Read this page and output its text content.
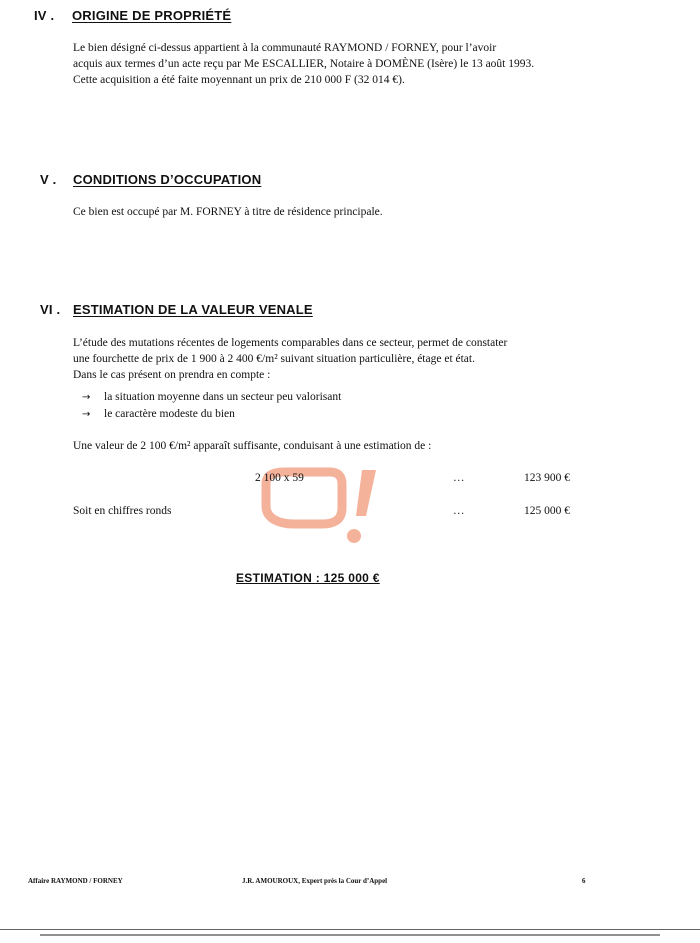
IV . ORIGINE DE PROPRIÉTÉ

Le bien désigné ci-dessus appartient à la communauté RAYMOND / FORNEY, pour l’avoir

acquis aux termes d’un acte reçu par Me ESCALLIER, Notaire à DOMÈNE (Isère) le 13 août 1993.

Cette acquisition a été faite moyennant un prix de 210 000 F (32 014 €).

V . CONDITIONS D’OCCUPATION

Ce bien est occupé par M. FORNEY à titre de résidence principale.

VI . ESTIMATION DE LA VALEUR VENALE

L’étude des mutations récentes de logements comparables dans ce secteur, permet de constater

une fourchette de prix de 1 900 à 2 400 €/m² suivant situation particulière, étage et état.

Dans le cas présent on prendra en compte :

→ la situation moyenne dans un secteur peu valorisant
→ le caractère modeste du bien
Une valeur de 2 100 €/m² apparaît suffisante, conduisant à une estimation de :
2 100 x 59	…	123 900 €
Soit en chiffres ronds	…	125 000 €
ESTIMATION : 125 000 €
Affaire RAYMOND / FORNEY	J.R. AMOUROUX, Expert près la Cour d’Appel	6
